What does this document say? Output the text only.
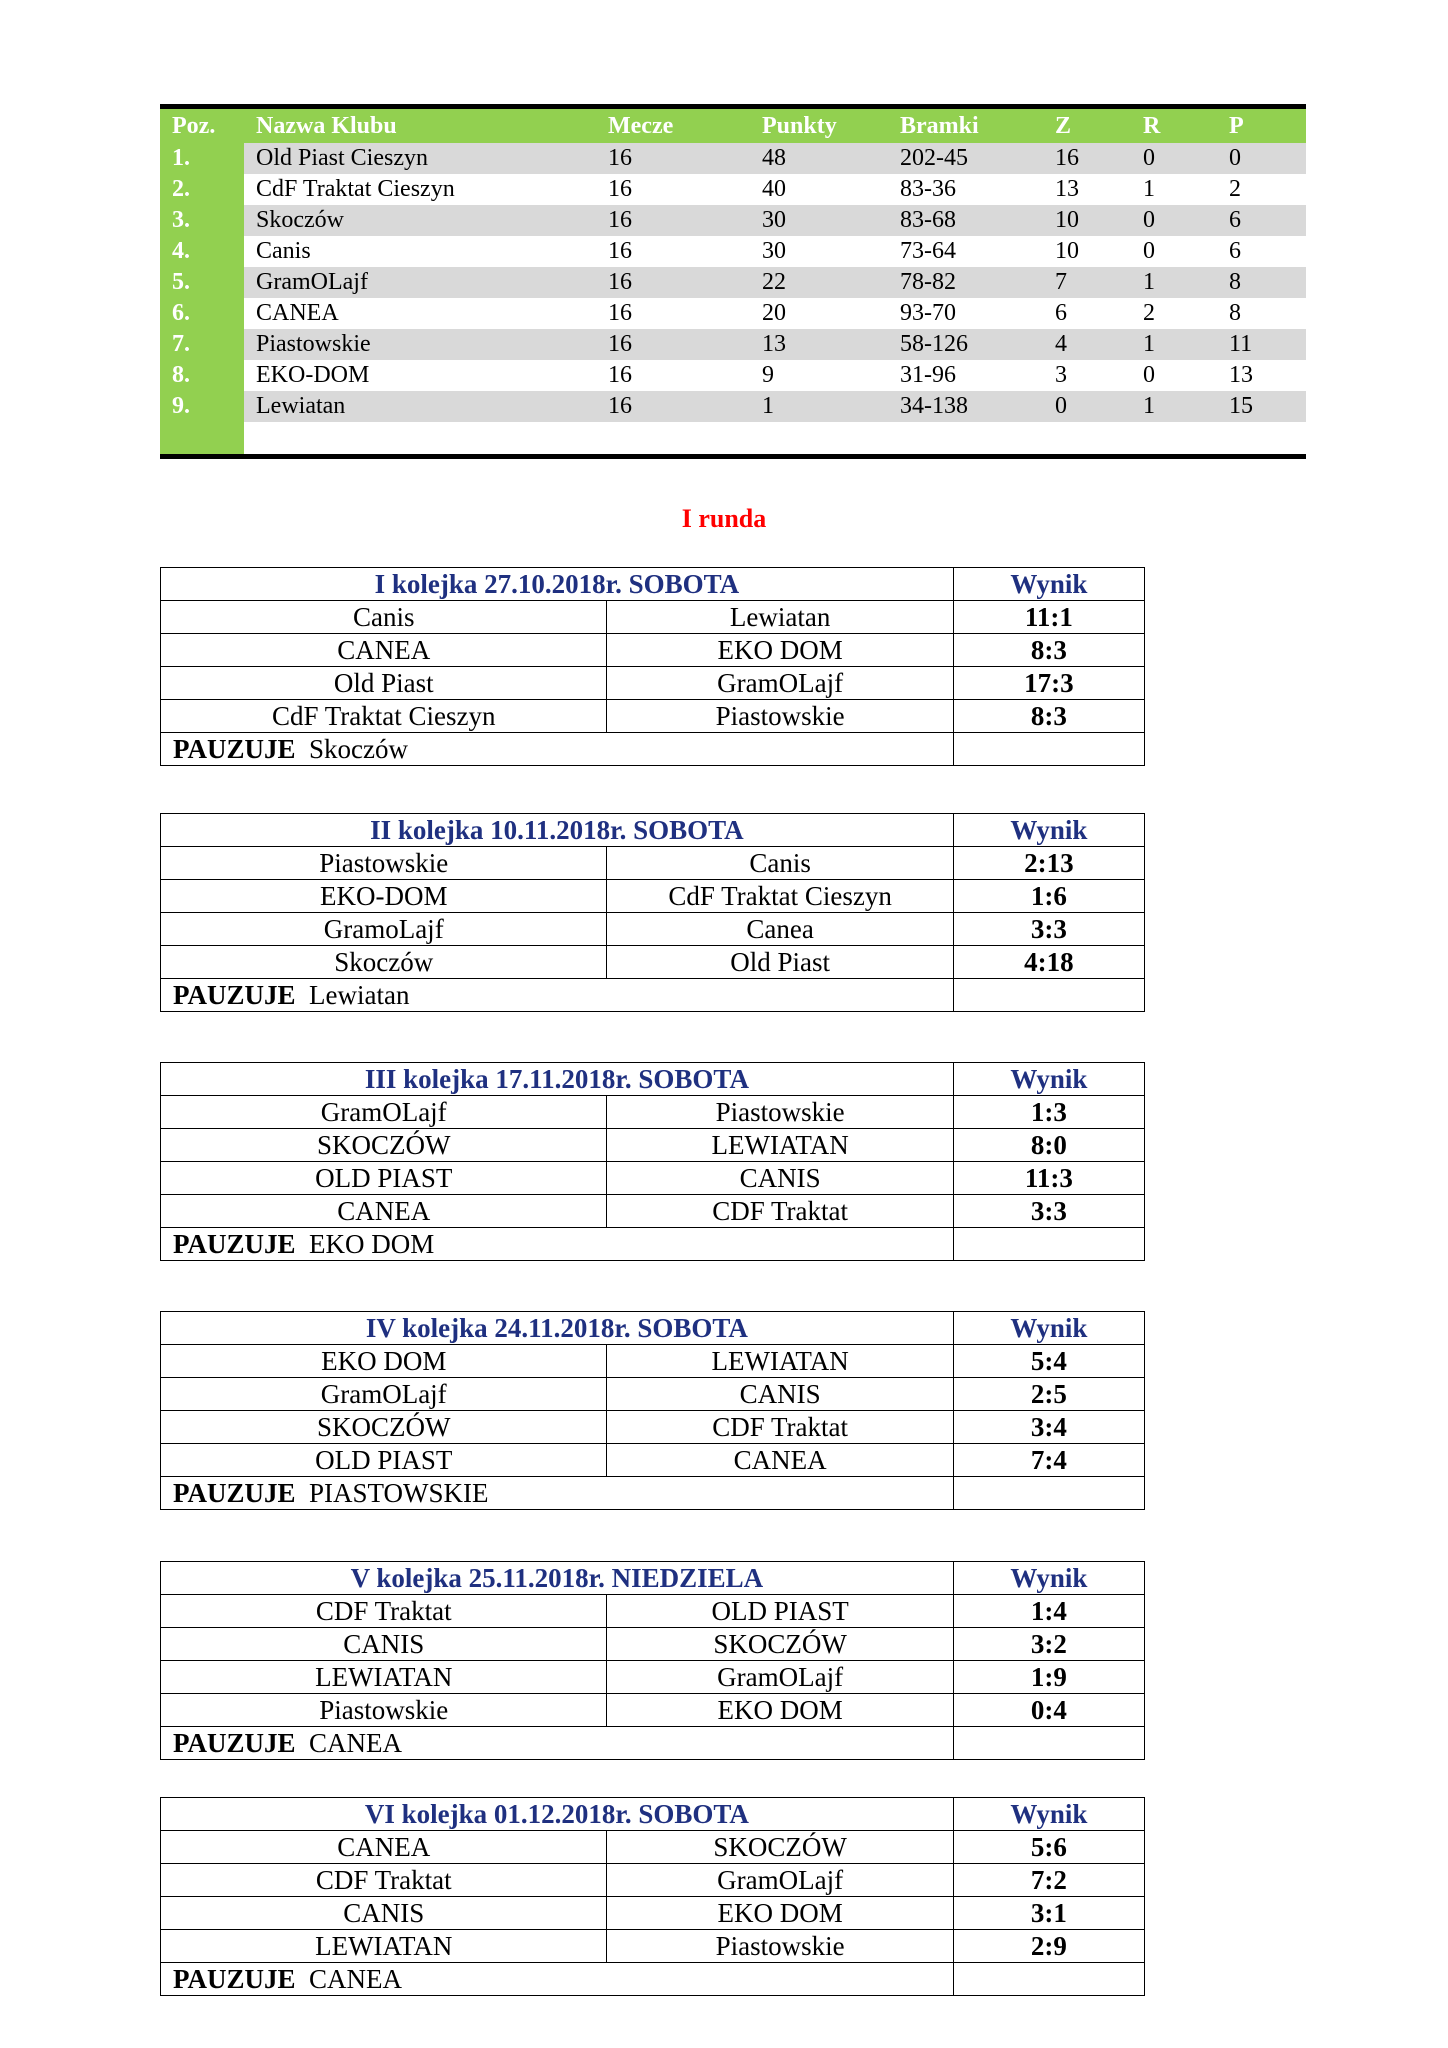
Poz.	Nazwa Klubu	Mecze	Punkty	Bramki	Z	R	P
1.	Old Piast Cieszyn	16	48	202-45	16	0	0
2.	CdF Traktat Cieszyn	16	40	83-36	13	1	2
3.	Skoczów	16	30	83-68	10	0	6
4.	Canis	16	30	73-64	10	0	6
5.	GramOLajf	16	22	78-82	7	1	8
6.	CANEA	16	20	93-70	6	2	8
7.	Piastowskie	16	13	58-126	4	1	11
8.	EKO-DOM	16	9	31-96	3	0	13
9.	Lewiatan	16	1	34-138	0	1	15
I runda
I kolejka 27.10.2018r. SOBOTA		Wynik
Canis	Lewiatan	11:1
CANEA	EKO DOM	8:3
Old Piast	GramOLajf	17:3
CdF Traktat Cieszyn	Piastowskie	8:3
PAUZUJE Skoczów		
II kolejka 10.11.2018r. SOBOTA		Wynik
Piastowskie	Canis	2:13
EKO-DOM	CdF Traktat Cieszyn	1:6
GramoLajf	Canea	3:3
Skoczów	Old Piast	4:18
PAUZUJE Lewiatan		
III kolejka 17.11.2018r. SOBOTA		Wynik
GramOLajf	Piastowskie	1:3
SKOCZÓW	LEWIATAN	8:0
OLD PIAST	CANIS	11:3
CANEA	CDF Traktat	3:3
PAUZUJE EKO DOM		
IV kolejka 24.11.2018r. SOBOTA		Wynik
EKO DOM	LEWIATAN	5:4
GramOLajf	CANIS	2:5
SKOCZÓW	CDF Traktat	3:4
OLD PIAST	CANEA	7:4
PAUZUJE PIASTOWSKIE		
V kolejka 25.11.2018r. NIEDZIELA		Wynik
CDF Traktat	OLD PIAST	1:4
CANIS	SKOCZÓW	3:2
LEWIATAN	GramOLajf	1:9
Piastowskie	EKO DOM	0:4
PAUZUJE CANEA		
VI kolejka 01.12.2018r. SOBOTA		Wynik
CANEA	SKOCZÓW	5:6
CDF Traktat	GramOLajf	7:2
CANIS	EKO DOM	3:1
LEWIATAN	Piastowskie	2:9
PAUZUJE CANEA		
